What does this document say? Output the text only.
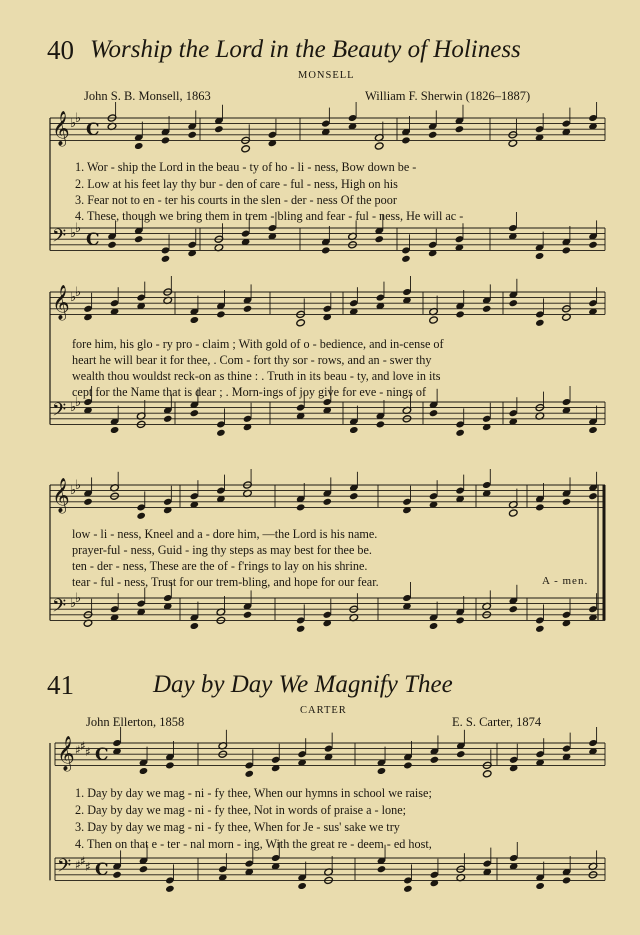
40 Worship the Lord in the Beauty of Holiness
MONSELL
John S. B. Monsell, 1863	William F. Sherwin (1826–1887)
1. Wor - ship the Lord in the beau - ty of ho - li - ness, Bow down be -
2. Low at his feet lay thy bur - den of care - ful - ness, High on his
3. Fear not to en - ter his courts in the slen - der - ness Of the poor
4. These, though we bring them in trem - bling and fear - ful - ness, He will ac -
fore him, his glo - ry pro - claim ; With gold of o - bedience, and in-cense of
heart he will bear it for thee, . Com - fort thy sor - rows, and an - swer thy
wealth thou wouldst reck-on as thine : . Truth in its beau - ty, and love in its
cept for the Name that is dear ; . Morn-ings of joy give for eve - nings of
low - li - ness, Kneel and a - dore him, —the Lord is his name.
prayer-ful - ness, Guid - ing thy steps as may best for thee be.
ten - der - ness, These are the of - f'rings to lay on his shrine.
tear - ful - ness, Trust for our trem-bling, and hope for our fear.	A - men.
41	Day by Day We Magnify Thee
CARTER
John Ellerton, 1858	E. S. Carter, 1874
1. Day by day we mag - ni - fy thee, When our hymns in school we raise;
2. Day by day we mag - ni - fy thee, Not in words of praise a - lone;
3. Day by day we mag - ni - fy thee, When for Je - sus' sake we try
4. Then on that e - ter - nal morn - ing, With the great re - deem - ed host,
𝄞 ♭
♭
C
𝄢 ♭
♭
C
𝄞 ♭
♭
𝄢 ♭
♭
𝄞 ♭
♭
𝄢 ♭
♭
𝄞 ♯ ♯ ♯ C
𝄢 ♯ ♯ ♯ C
